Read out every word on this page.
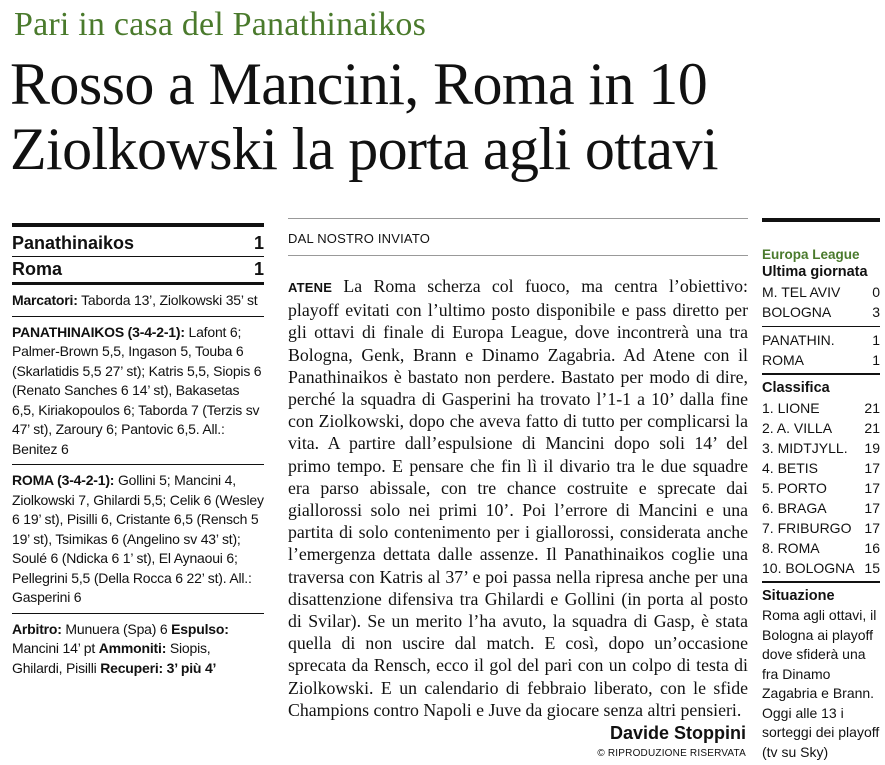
Pari in casa del Panathinaikos
Rosso a Mancini, Roma in 10
Ziolkowski la porta agli ottavi
Panathinaikos	1
Roma	1
Marcatori: Taborda 13’, Ziolkowski 35’ st
PANATHINAIKOS (3-4-2-1): Lafont 6; Palmer-Brown 5,5, Ingason 5, Touba 6 (Skarlatidis 5,5 27’ st); Katris 5,5, Siopis 6 (Renato Sanches 6 14’ st), Bakasetas 6,5, Kiriakopoulos 6; Taborda 7 (Terzis sv 47’ st), Zaroury 6; Pantovic 6,5. All.: Benitez 6
ROMA (3-4-2-1): Gollini 5; Mancini 4, Ziolkowski 7, Ghilardi 5,5; Celik 6 (Wesley 6 19’ st), Pisilli 6, Cristante 6,5 (Rensch 5 19’ st), Tsimikas 6 (Angelino sv 43’ st); Soulé 6 (Ndicka 6 1’ st), El Aynaoui 6; Pellegrini 5,5 (Della Rocca 6 22’ st). All.: Gasperini 6
Arbitro: Munuera (Spa) 6 Espulso: Mancini 14’ pt Ammoniti: Siopis, Ghilardi, Pisilli Recuperi: 3’ più 4’
DAL NOSTRO INVIATO

ATENE La Roma scherza col fuoco, ma centra l’obiettivo: playoff evitati con l’ultimo posto disponibile e pass diretto per gli ottavi di finale di Europa League, dove incontrerà una tra Bologna, Genk, Brann e Dinamo Zagabria. Ad Atene con il Panathinaikos è bastato non perdere. Bastato per modo di dire, perché la squadra di Gasperini ha trovato l’1-1 a 10’ dalla fine con Ziolkowski, dopo che aveva fatto di tutto per complicarsi la vita. A partire dall’espulsione di Mancini dopo soli 14’ del primo tempo. E pensare che fin lì il divario tra le due squadre era parso abissale, con tre chance costruite e sprecate dai giallorossi solo nei primi 10’. Poi l’errore di Mancini e una partita di solo contenimento per i giallorossi, considerata anche l’emergenza dettata dalle assenze. Il Panathinaikos coglie una traversa con Katris al 37’ e poi passa nella ripresa anche per una disattenzione difensiva tra Ghilardi e Gollini (in porta al posto di Svilar). Se un merito l’ha avuto, la squadra di Gasp, è stata quella di non uscire dal match. E così, dopo un’occasione sprecata da Rensch, ecco il gol del pari con un colpo di testa di Ziolkowski. E un calendario di febbraio liberato, con le sfide Champions contro Napoli e Juve da giocare senza altri pensieri.

Davide Stoppini
© RIPRODUZIONE RISERVATA
Europa League
Ultima giornata
M. TEL AVIV 0
BOLOGNA	3
PANATHIN.	1
ROMA	1
Classifica
1. LIONE	21
2. A. VILLA 21
3. MIDTJYLL. 19
4. BETIS	17
5. PORTO	17
6. BRAGA	17
7. FRIBURGO 17
8. ROMA	16
10. BOLOGNA 15
Situazione
Roma agli ottavi, il Bologna ai playoff dove sfiderà una fra Dinamo Zagabria e Brann. Oggi alle 13 i sorteggi dei playoff (tv su Sky)
